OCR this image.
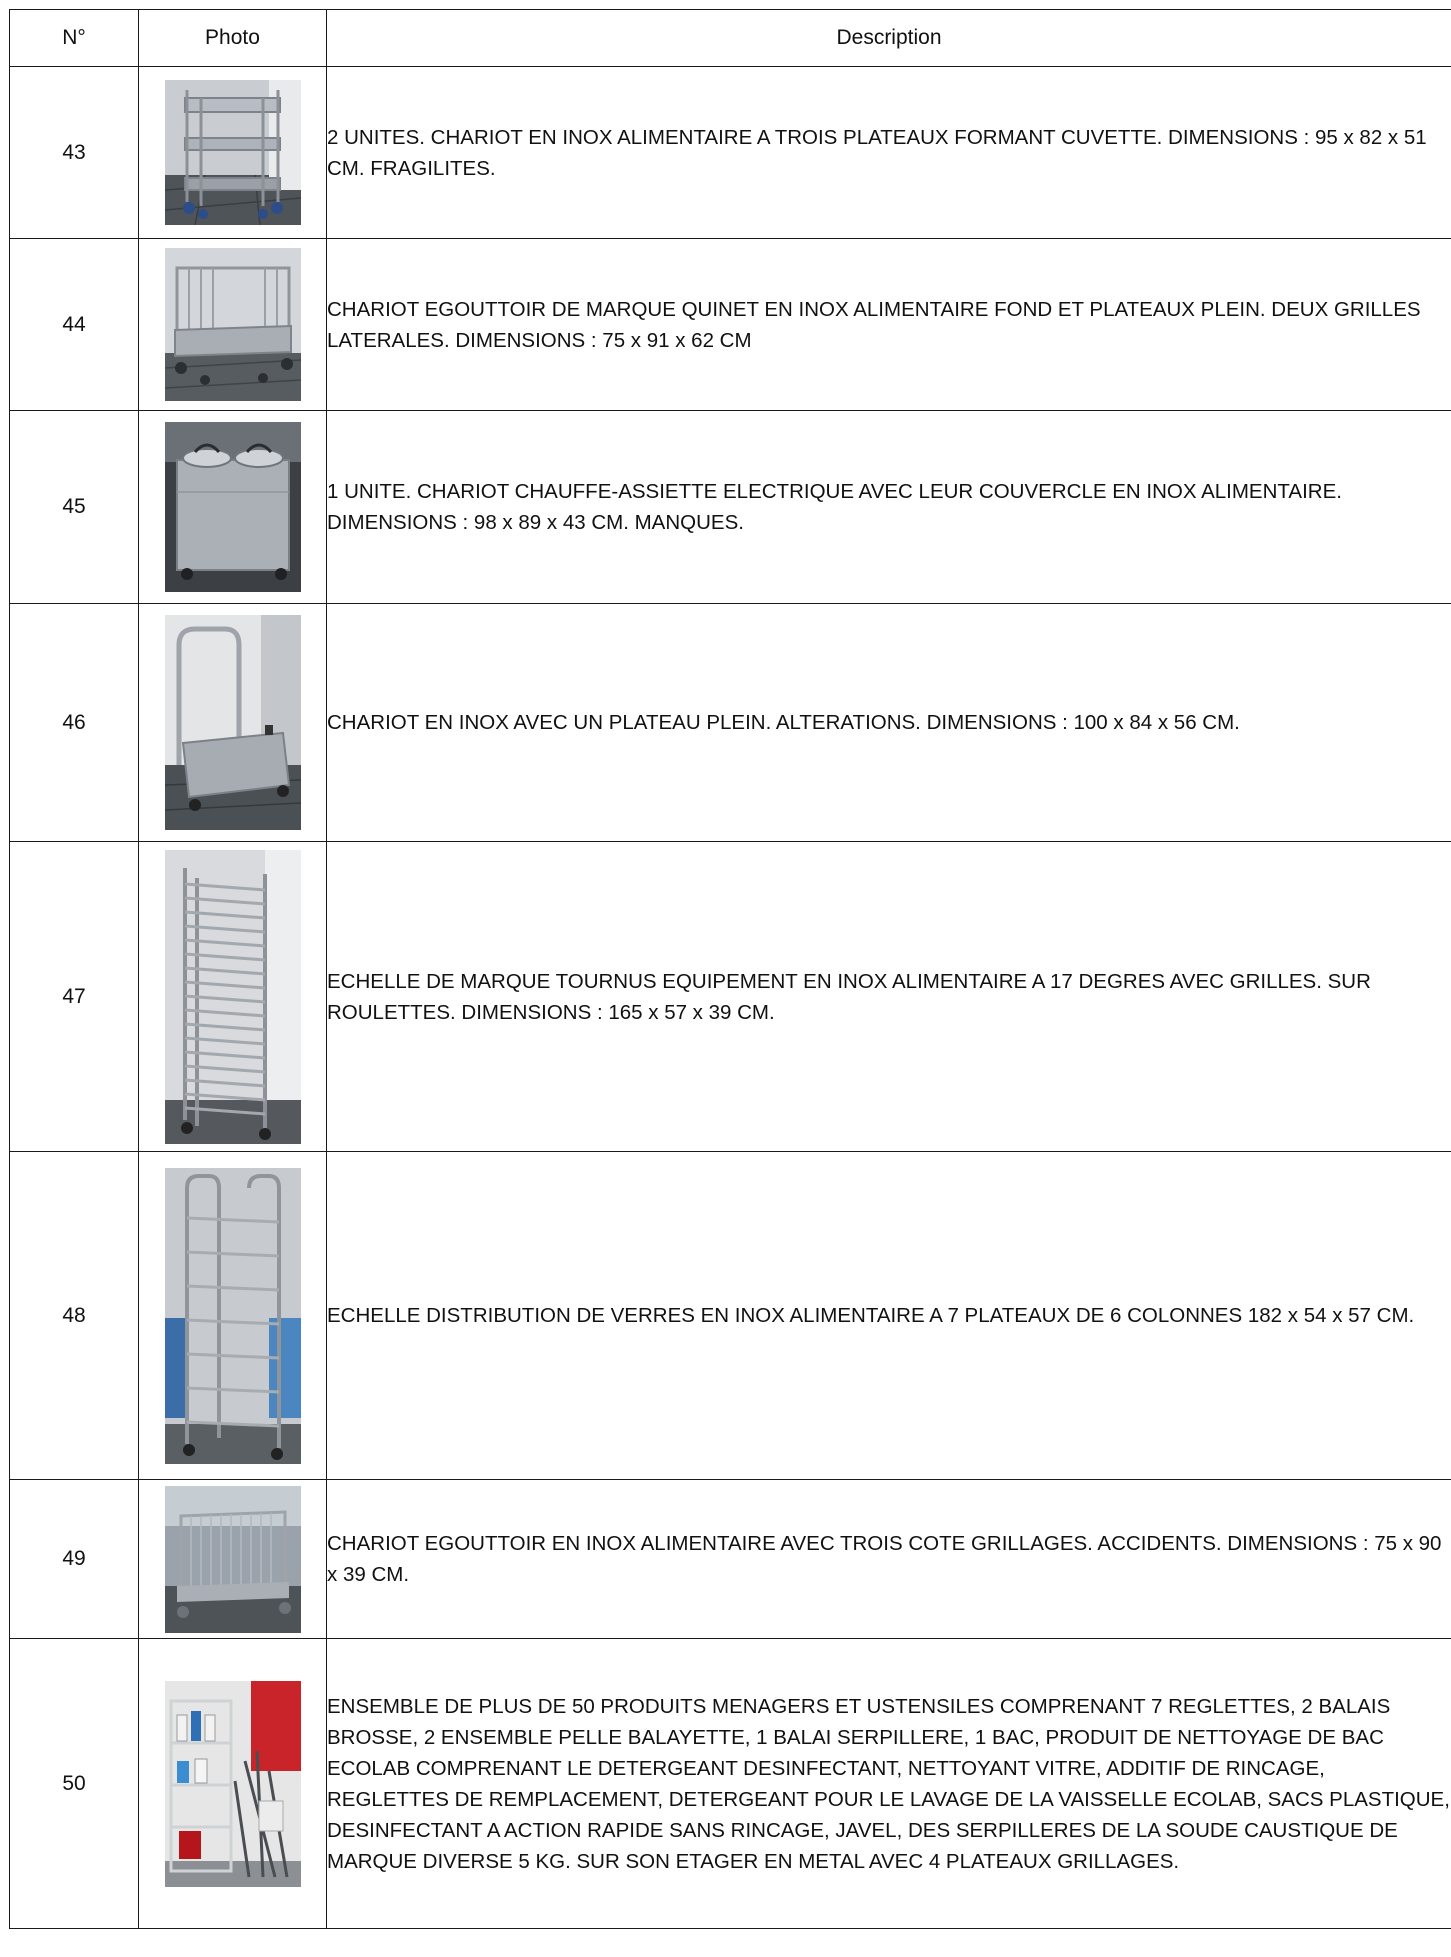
N°	Photo	Description
43		2 UNITES. CHARIOT EN INOX ALIMENTAIRE A TROIS PLATEAUX FORMANT CUVETTE. DIMENSIONS : 95 x 82 x 51 CM. FRAGILITES.
44		CHARIOT EGOUTTOIR DE MARQUE QUINET EN INOX ALIMENTAIRE FOND ET PLATEAUX PLEIN. DEUX GRILLES LATERALES. DIMENSIONS : 75 x 91 x 62 CM
45		1 UNITE. CHARIOT CHAUFFE-ASSIETTE ELECTRIQUE AVEC LEUR COUVERCLE EN INOX ALIMENTAIRE. DIMENSIONS : 98 x 89 x 43 CM. MANQUES.
46		CHARIOT EN INOX AVEC UN PLATEAU PLEIN. ALTERATIONS. DIMENSIONS : 100 x 84 x 56 CM.
47		ECHELLE DE MARQUE TOURNUS EQUIPEMENT EN INOX ALIMENTAIRE A 17 DEGRES AVEC GRILLES. SUR ROULETTES. DIMENSIONS : 165 x 57 x 39 CM.
48		ECHELLE DISTRIBUTION DE VERRES EN INOX ALIMENTAIRE A 7 PLATEAUX DE 6 COLONNES 182 x 54 x 57 CM.
49		CHARIOT EGOUTTOIR EN INOX ALIMENTAIRE AVEC TROIS COTE GRILLAGES. ACCIDENTS. DIMENSIONS : 75 x 90 x 39 CM.
50		ENSEMBLE DE PLUS DE 50 PRODUITS MENAGERS ET USTENSILES COMPRENANT 7 REGLETTES, 2 BALAIS BROSSE, 2 ENSEMBLE PELLE BALAYETTE, 1 BALAI SERPILLERE, 1 BAC, PRODUIT DE NETTOYAGE DE BAC ECOLAB COMPRENANT LE DETERGEANT DESINFECTANT, NETTOYANT VITRE, ADDITIF DE RINCAGE, REGLETTES DE REMPLACEMENT, DETERGEANT POUR LE LAVAGE DE LA VAISSELLE ECOLAB, SACS PLASTIQUE, DESINFECTANT A ACTION RAPIDE SANS RINCAGE, JAVEL, DES SERPILLERES DE LA SOUDE CAUSTIQUE DE MARQUE DIVERSE 5 KG. SUR SON ETAGER EN METAL AVEC 4 PLATEAUX GRILLAGES.
